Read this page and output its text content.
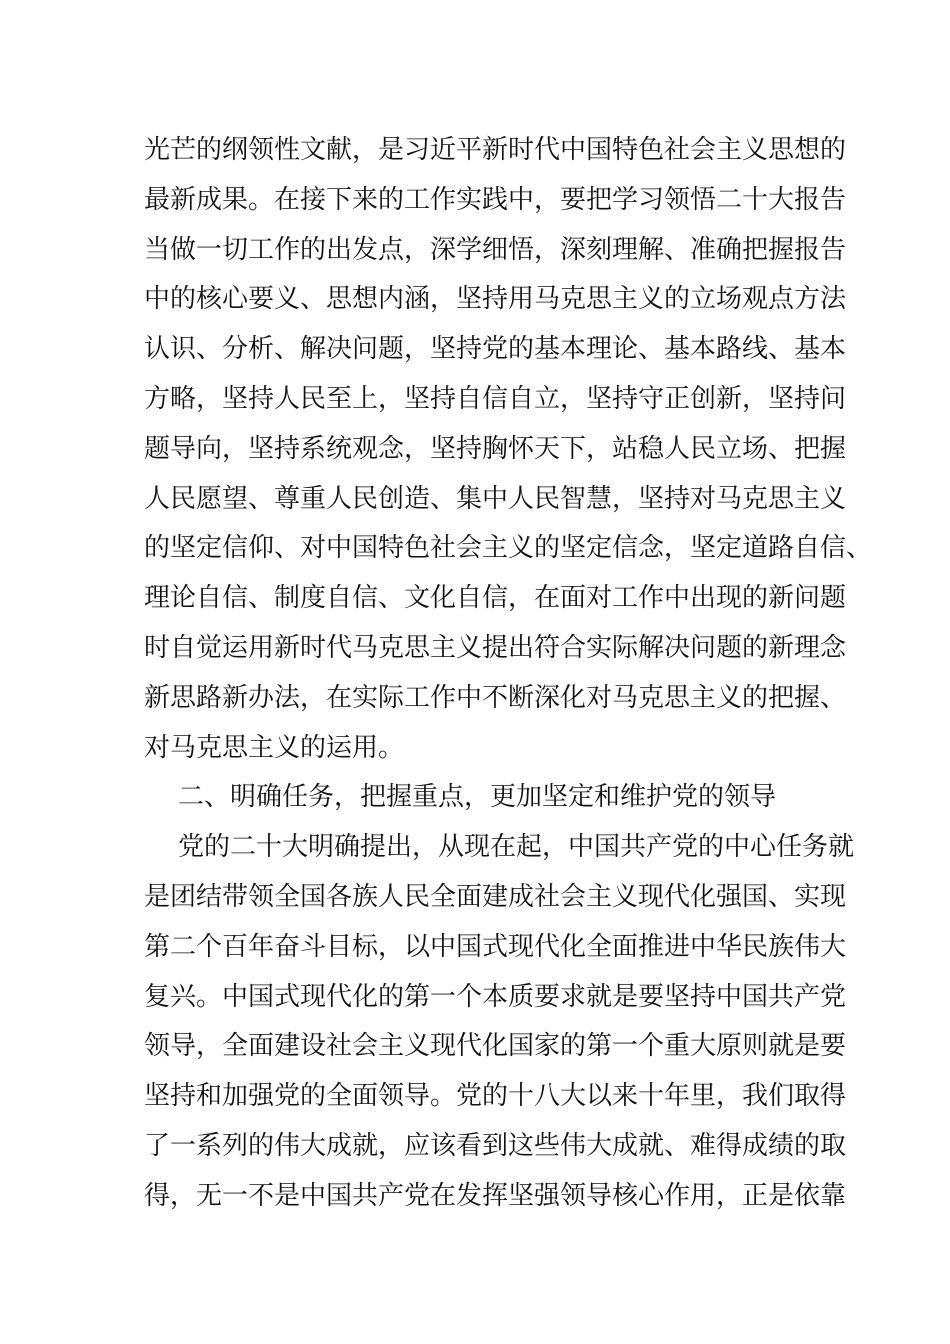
光芒的纲领性文献，是习近平新时代中国特色社会主义思想的
最新成果。在接下来的工作实践中，要把学习领悟二十大报告
当做一切工作的出发点，深学细悟，深刻理解、准确把握报告
中的核心要义、思想内涵，坚持用马克思主义的立场观点方法
认识、分析、解决问题，坚持党的基本理论、基本路线、基本
方略，坚持人民至上，坚持自信自立，坚持守正创新，坚持问
题导向，坚持系统观念，坚持胸怀天下，站稳人民立场、把握
人民愿望、尊重人民创造、集中人民智慧，坚持对马克思主义
的坚定信仰、对中国特色社会主义的坚定信念，坚定道路自信、
理论自信、制度自信、文化自信，在面对工作中出现的新问题
时自觉运用新时代马克思主义提出符合实际解决问题的新理念
新思路新办法，在实际工作中不断深化对马克思主义的把握、
对马克思主义的运用。
二、明确任务，把握重点，更加坚定和维护党的领导
党的二十大明确提出，从现在起，中国共产党的中心任务就
是团结带领全国各族人民全面建成社会主义现代化强国、实现
第二个百年奋斗目标，以中国式现代化全面推进中华民族伟大
复兴。中国式现代化的第一个本质要求就是要坚持中国共产党
领导，全面建设社会主义现代化国家的第一个重大原则就是要
坚持和加强党的全面领导。党的十八大以来十年里，我们取得
了一系列的伟大成就，应该看到这些伟大成就、难得成绩的取
得，无一不是中国共产党在发挥坚强领导核心作用，正是依靠
